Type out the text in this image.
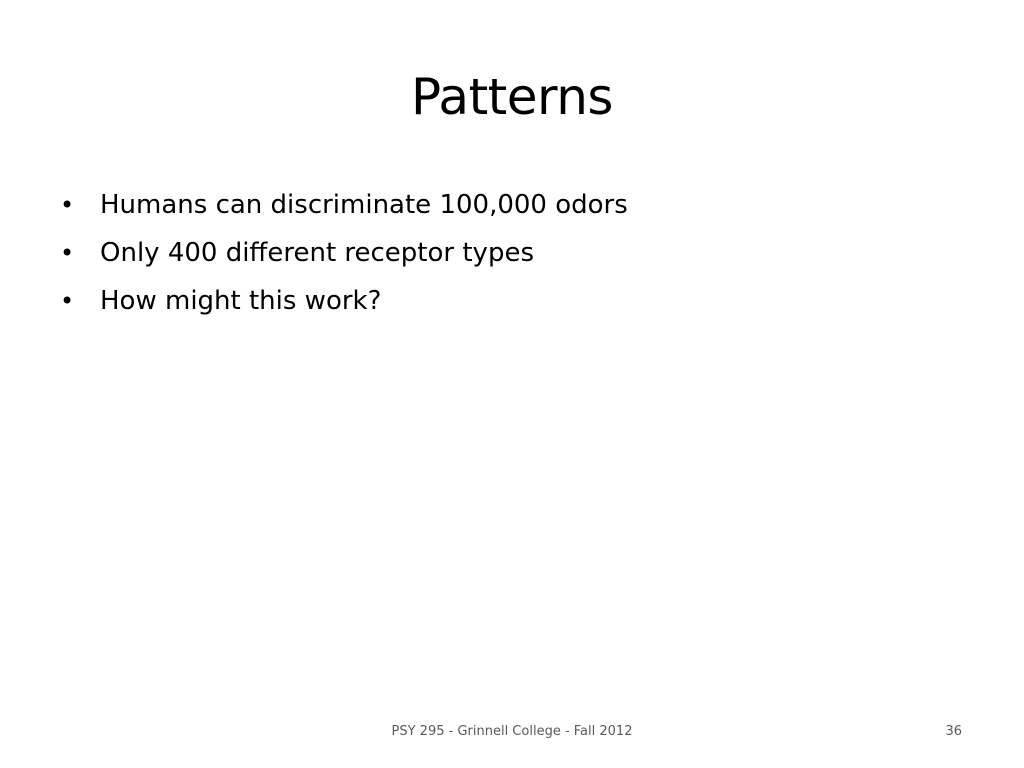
Patterns
• Humans can discriminate 100,000 odors
• Only 400 different receptor types
• How might this work?
PSY 295 - Grinnell College - Fall 2012	36
